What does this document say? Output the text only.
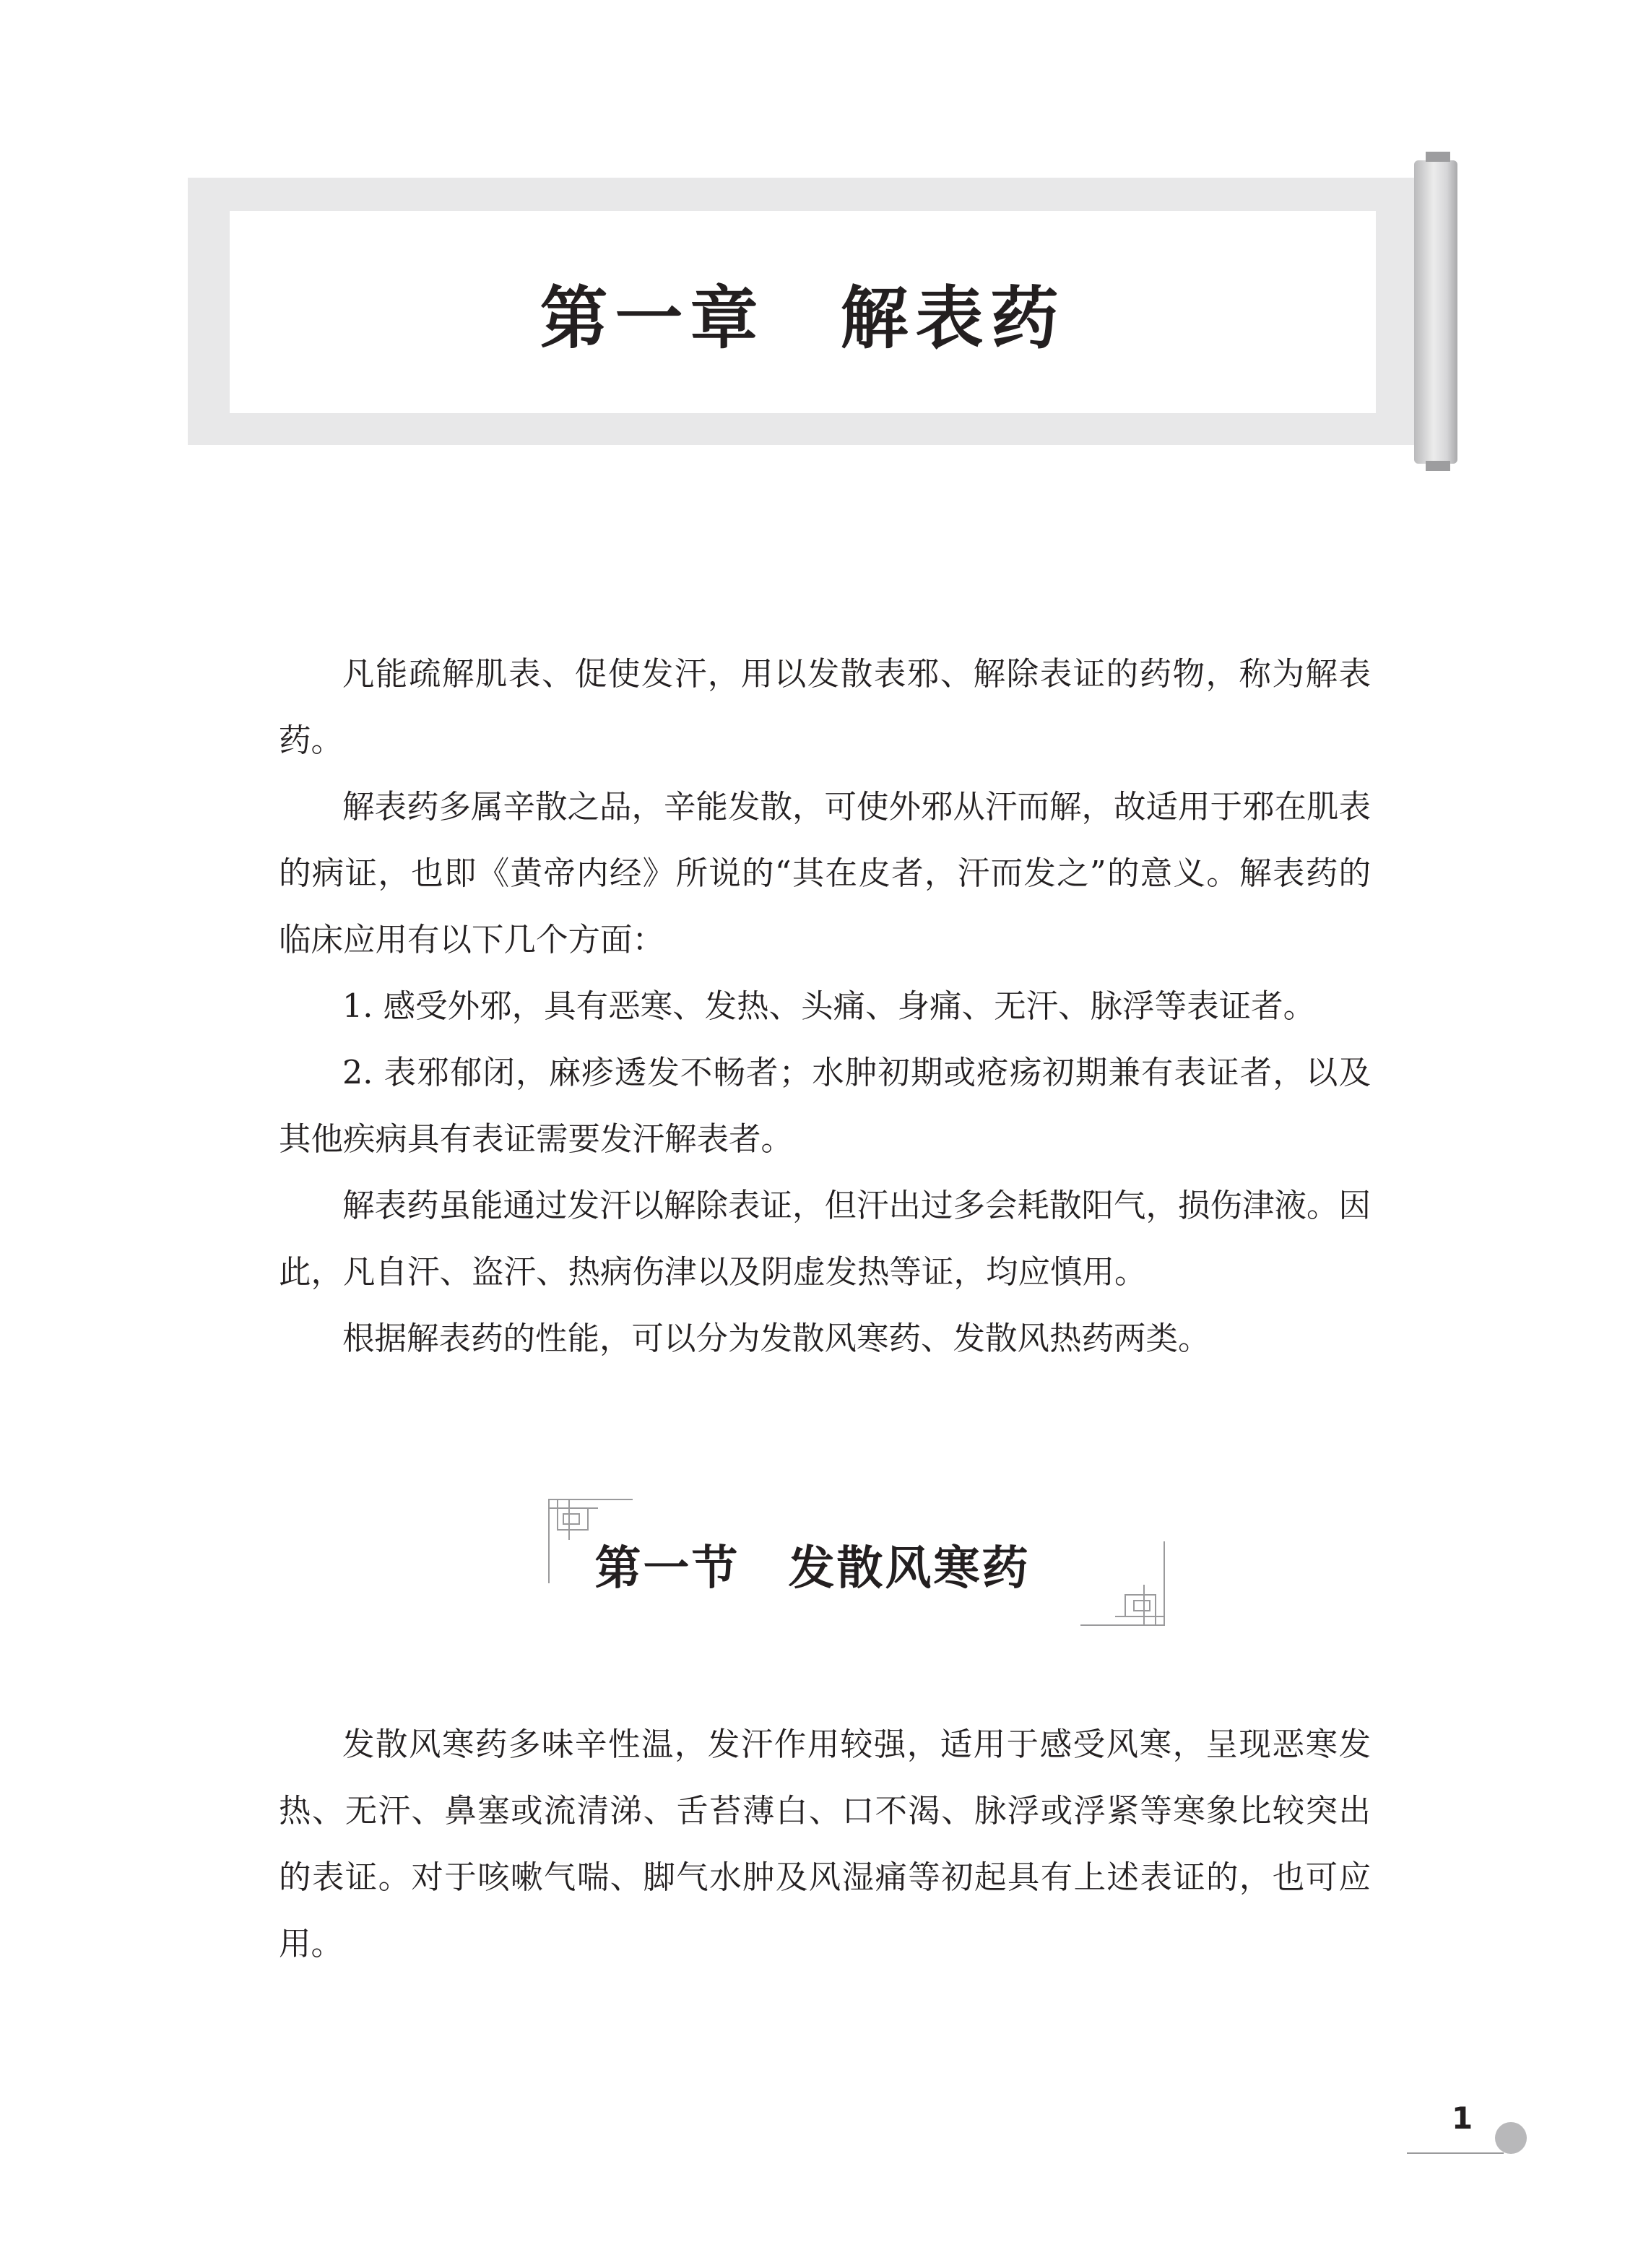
第一章　解表药

凡能疏解肌表、促使发汗，用以发散表邪、解除表证的药物，称为解表药。

解表药多属辛散之品，辛能发散，可使外邪从汗而解，故适用于邪在肌表的病证，也即《黄帝内经》所说的“其在皮者，汗而发之”的意义。解表药的临床应用有以下几个方面：

1. 感受外邪，具有恶寒、发热、头痛、身痛、无汗、脉浮等表证者。

2. 表邪郁闭，麻疹透发不畅者；水肿初期或疮疡初期兼有表证者，以及其他疾病具有表证需要发汗解表者。

解表药虽能通过发汗以解除表证，但汗出过多会耗散阳气，损伤津液。因此，凡自汗、盗汗、热病伤津以及阴虚发热等证，均应慎用。

根据解表药的性能，可以分为发散风寒药、发散风热药两类。

第一节　发散风寒药

发散风寒药多味辛性温，发汗作用较强，适用于感受风寒，呈现恶寒发热、无汗、鼻塞或流清涕、舌苔薄白、口不渴、脉浮或浮紧等寒象比较突出的表证。对于咳嗽气喘、脚气水肿及风湿痛等初起具有上述表证的，也可应用。

1
